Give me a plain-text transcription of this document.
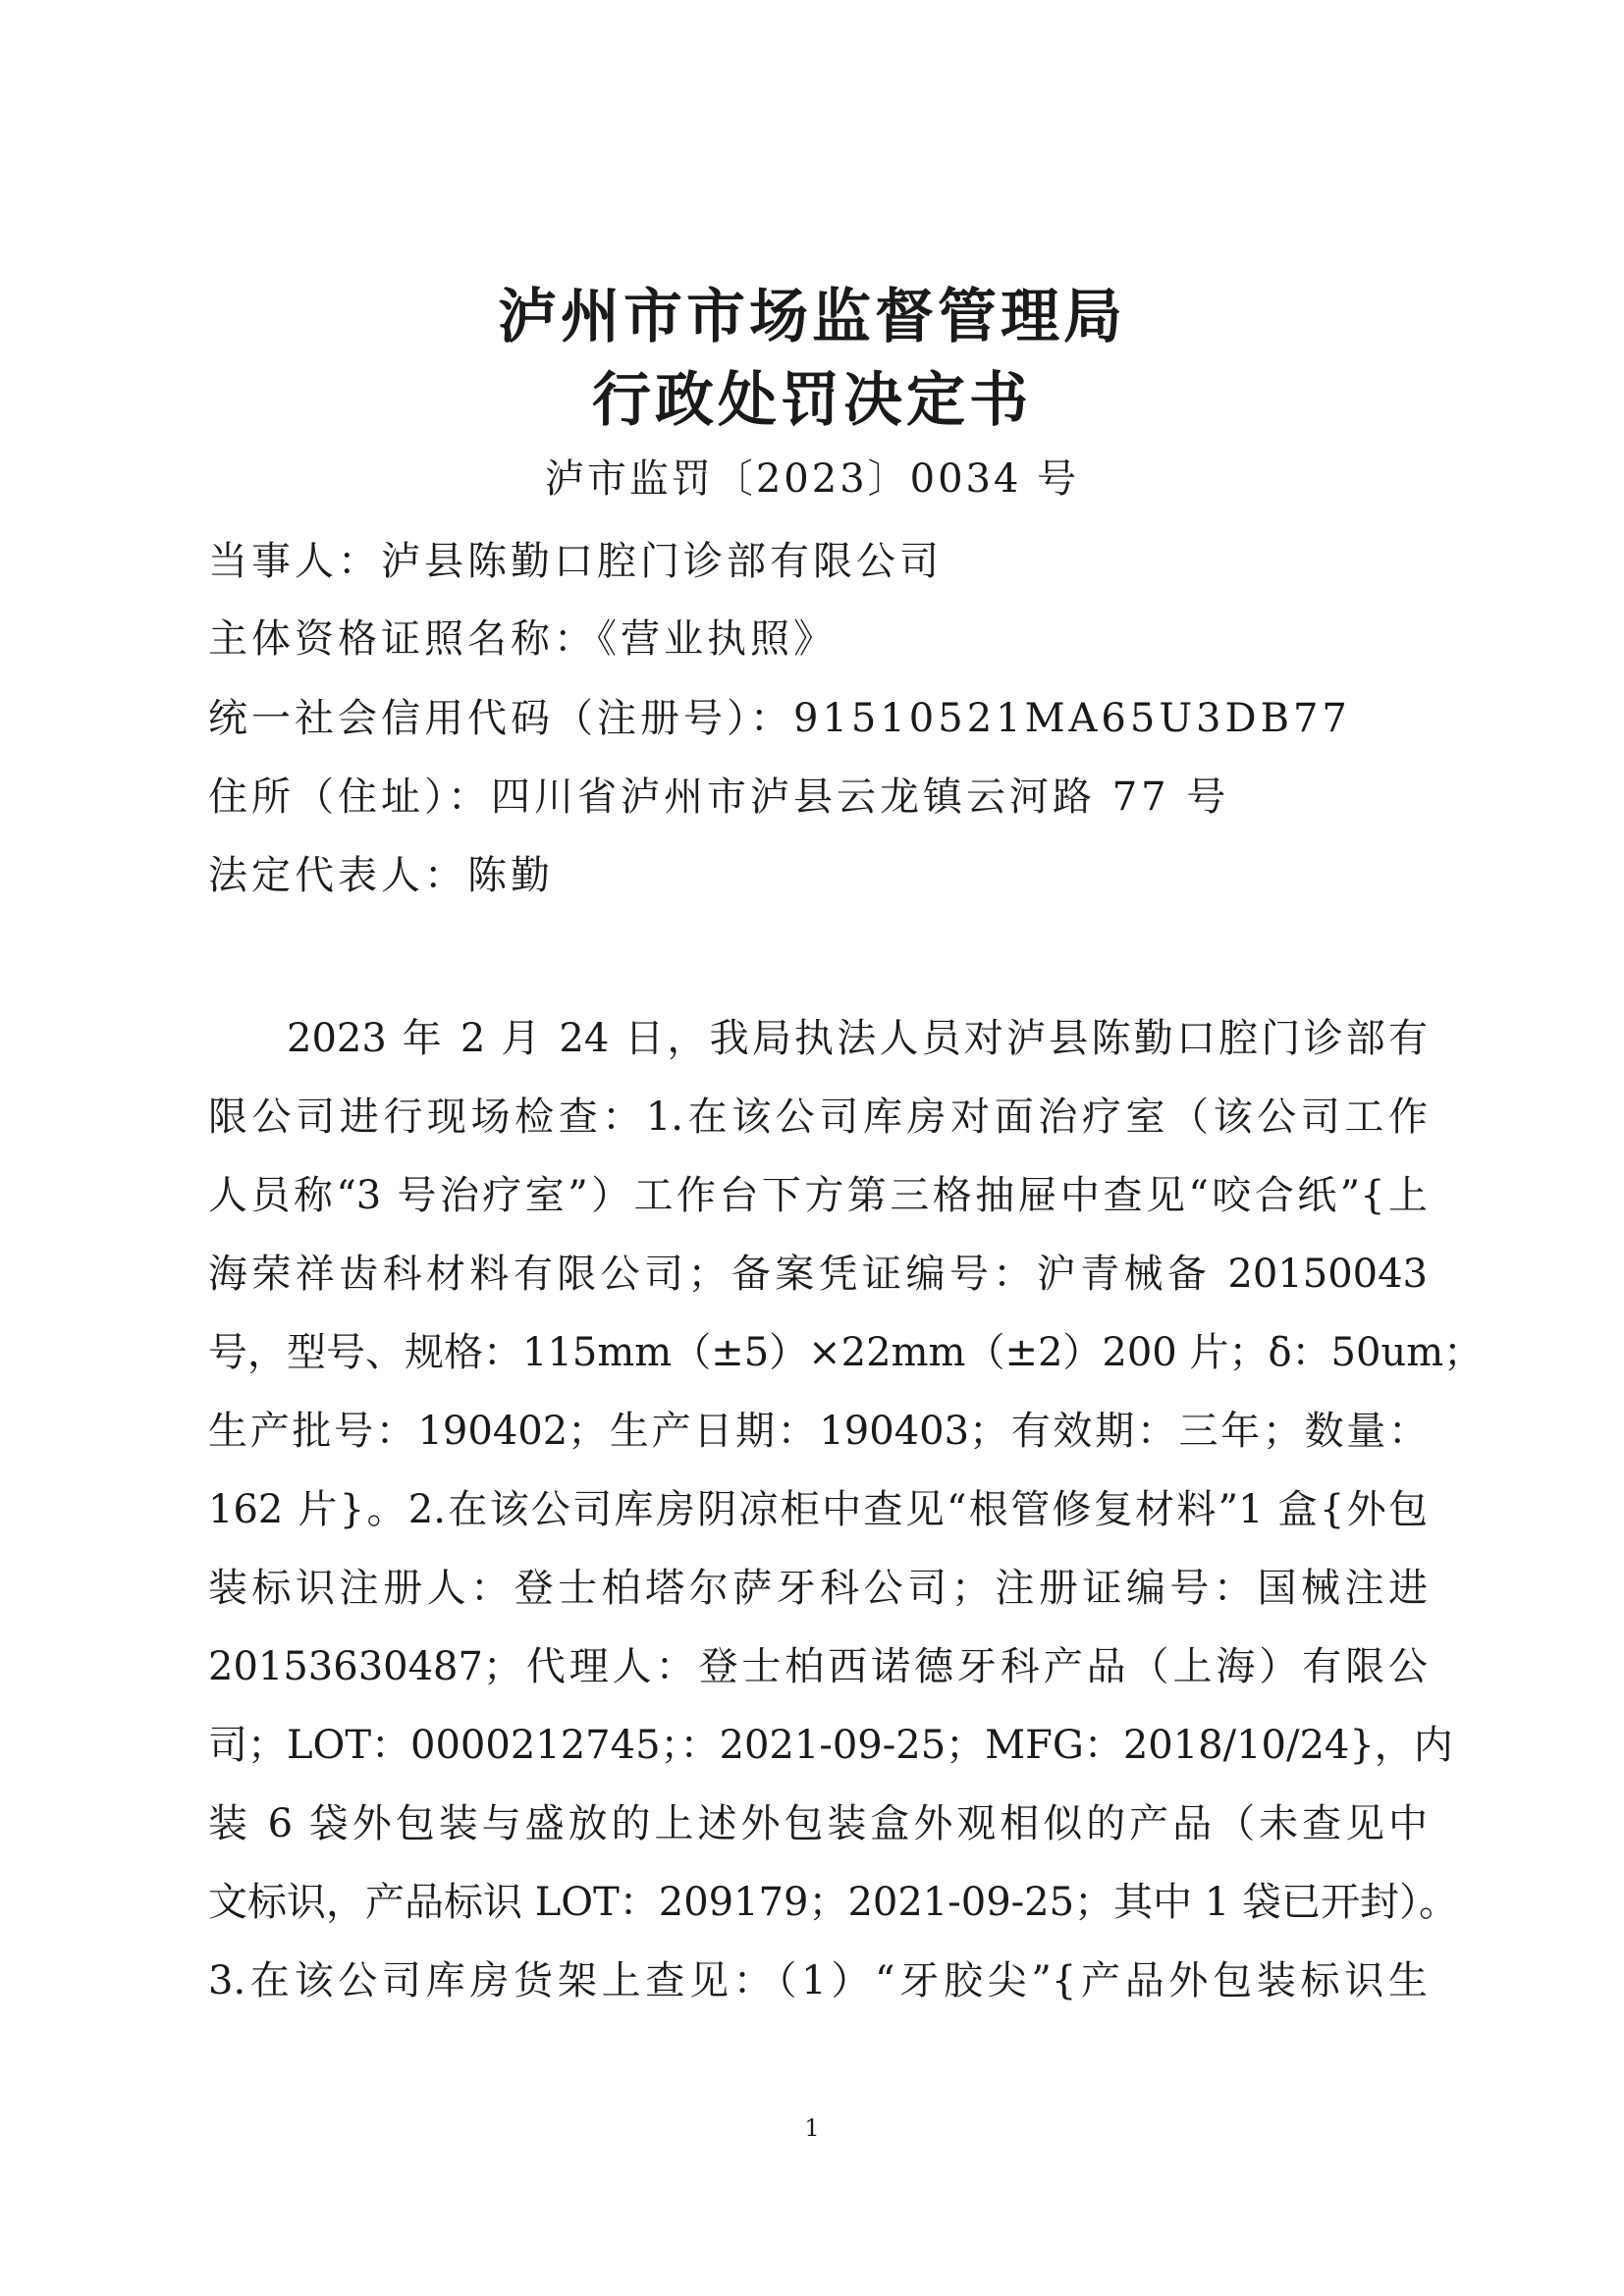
泸州市市场监督管理局
行政处罚决定书
泸市监罚〔2023〕0034 号
当事人：泸县陈勤口腔门诊部有限公司
主体资格证照名称：《营业执照》
统一社会信用代码（注册号）：91510521MA65U3DB77
住所（住址）：四川省泸州市泸县云龙镇云河路 77 号
法定代表人：陈勤
2023 年 2 月 24 日，我局执法人员对泸县陈勤口腔门诊部有
限公司进行现场检查：1.在该公司库房对面治疗室（该公司工作
人员称“3 号治疗室”）工作台下方第三格抽屉中查见“咬合纸”{上
海荣祥齿科材料有限公司；备案凭证编号：沪青械备 20150043
号，型号、规格：115mm（±5）×22mm（±2）200 片；δ：50um；
生产批号：190402；生产日期：190403；有效期：三年；数量：
162 片}。2.在该公司库房阴凉柜中查见“根管修复材料”1 盒{外包
装标识注册人：登士柏塔尔萨牙科公司；注册证编号：国械注进
20153630487；代理人：登士柏西诺德牙科产品（上海）有限公
司；LOT：0000212745；：2021-09-25；MFG：2018/10/24}，内
装 6 袋外包装与盛放的上述外包装盒外观相似的产品（未查见中
文标识，产品标识 LOT：209179；2021-09-25；其中 1 袋已开封）。
3.在该公司库房货架上查见：（1）“牙胶尖”{产品外包装标识生
1
